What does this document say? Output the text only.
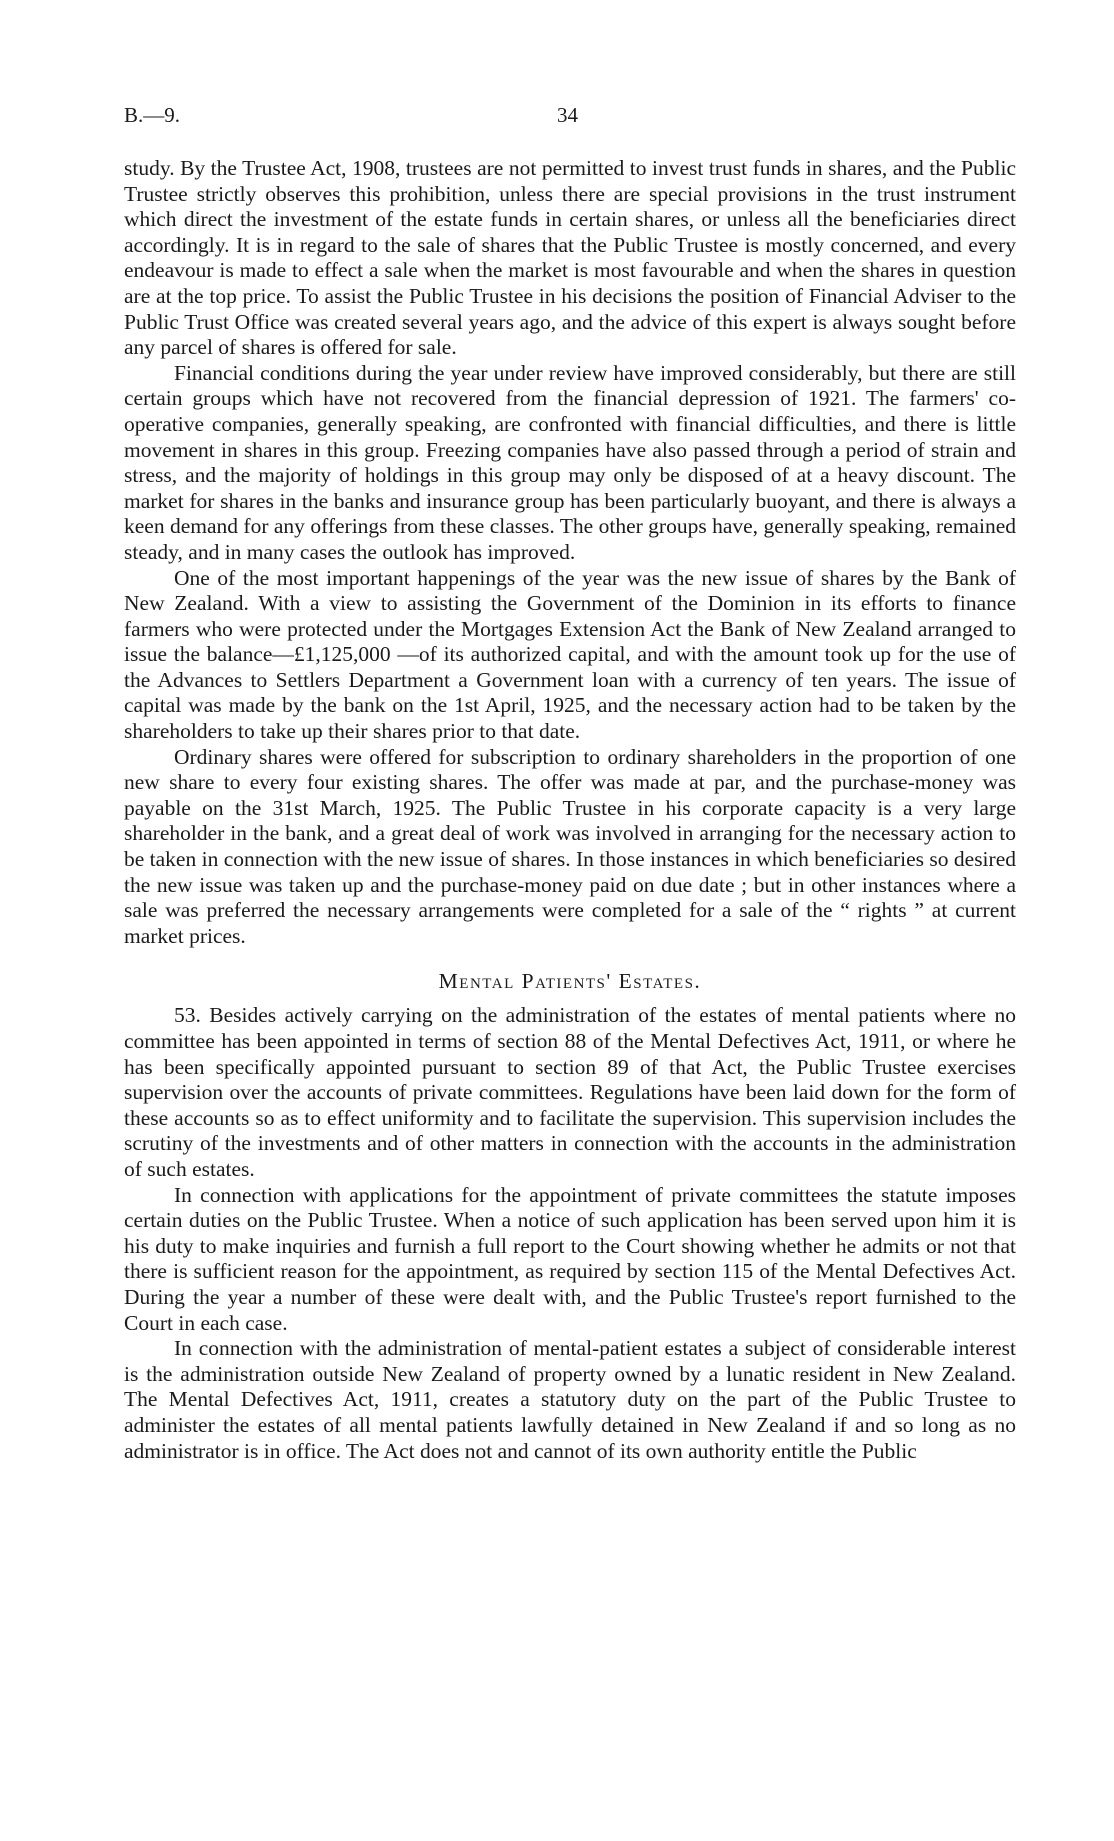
B.—9.	34

study. By the Trustee Act, 1908, trustees are not permitted to invest trust funds in shares, and the Public Trustee strictly observes this prohibition, unless there are special provisions in the trust instrument which direct the investment of the estate funds in certain shares, or unless all the beneficiaries direct accordingly. It is in regard to the sale of shares that the Public Trustee is mostly concerned, and every endeavour is made to effect a sale when the market is most favourable and when the shares in question are at the top price. To assist the Public Trustee in his decisions the position of Financial Adviser to the Public Trust Office was created several years ago, and the advice of this expert is always sought before any parcel of shares is offered for sale.

Financial conditions during the year under review have improved considerably, but there are still certain groups which have not recovered from the financial depression of 1921. The farmers' co-operative companies, generally speaking, are confronted with financial difficulties, and there is little movement in shares in this group. Freezing companies have also passed through a period of strain and stress, and the majority of holdings in this group may only be disposed of at a heavy discount. The market for shares in the banks and insurance group has been particularly buoyant, and there is always a keen demand for any offerings from these classes. The other groups have, generally speaking, remained steady, and in many cases the outlook has improved.

One of the most important happenings of the year was the new issue of shares by the Bank of New Zealand. With a view to assisting the Government of the Dominion in its efforts to finance farmers who were protected under the Mortgages Extension Act the Bank of New Zealand arranged to issue the balance—£1,125,000 —of its authorized capital, and with the amount took up for the use of the Advances to Settlers Department a Government loan with a currency of ten years. The issue of capital was made by the bank on the 1st April, 1925, and the necessary action had to be taken by the shareholders to take up their shares prior to that date.

Ordinary shares were offered for subscription to ordinary shareholders in the proportion of one new share to every four existing shares. The offer was made at par, and the purchase-money was payable on the 31st March, 1925. The Public Trustee in his corporate capacity is a very large shareholder in the bank, and a great deal of work was involved in arranging for the necessary action to be taken in connection with the new issue of shares. In those instances in which beneficiaries so desired the new issue was taken up and the purchase-money paid on due date ; but in other instances where a sale was preferred the necessary arrangements were completed for a sale of the “ rights ” at current market prices.

Mental Patients' Estates.

53. Besides actively carrying on the administration of the estates of mental patients where no committee has been appointed in terms of section 88 of the Mental Defectives Act, 1911, or where he has been specifically appointed pursuant to section 89 of that Act, the Public Trustee exercises supervision over the accounts of private committees. Regulations have been laid down for the form of these accounts so as to effect uniformity and to facilitate the supervision. This supervision includes the scrutiny of the investments and of other matters in connection with the accounts in the administration of such estates.

In connection with applications for the appointment of private committees the statute imposes certain duties on the Public Trustee. When a notice of such application has been served upon him it is his duty to make inquiries and furnish a full report to the Court showing whether he admits or not that there is sufficient reason for the appointment, as required by section 115 of the Mental Defectives Act. During the year a number of these were dealt with, and the Public Trustee's report furnished to the Court in each case.

In connection with the administration of mental-patient estates a subject of considerable interest is the administration outside New Zealand of property owned by a lunatic resident in New Zealand. The Mental Defectives Act, 1911, creates a statutory duty on the part of the Public Trustee to administer the estates of all mental patients lawfully detained in New Zealand if and so long as no administrator is in office. The Act does not and cannot of its own authority entitle the Public
